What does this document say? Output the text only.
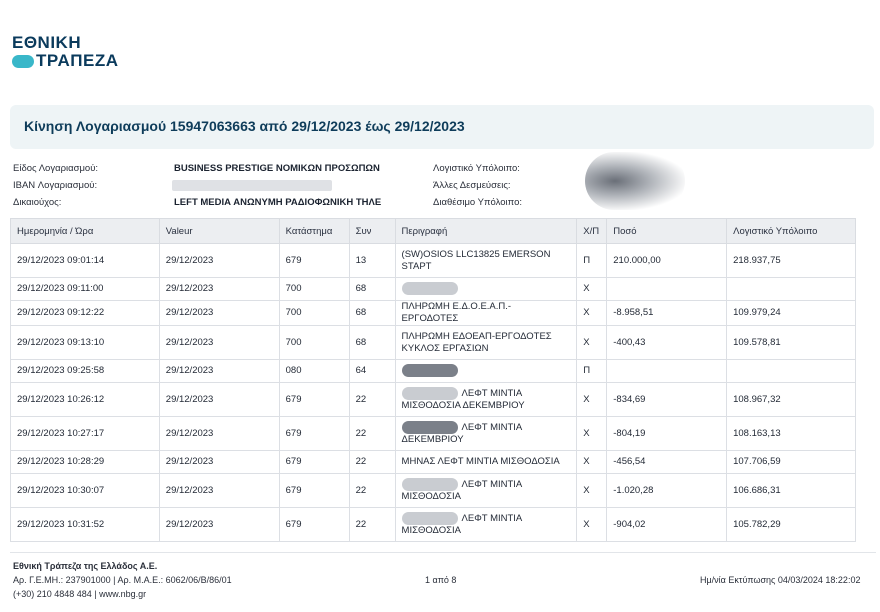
ΕΘΝΙΚΗ
ΤΡΑΠΕΖΑ
Κίνηση Λογαριασμού 15947063663 από 29/12/2023 έως 29/12/2023
Είδος Λογαριασμού:	BUSINESS PRESTIGE ΝΟΜΙΚΩΝ ΠΡΟΣΩΠΩΝ
IBAN Λογαριασμού:
Δικαιούχος:	LEFT MEDIA ΑΝΩΝΥΜΗ ΡΑΔΙΟΦΩΝΙΚΗ ΤΗΛΕ
Λογιστικό Υπόλοιπο:
Άλλες Δεσμεύσεις:
Διαθέσιμο Υπόλοιπο:
Ημερομηνία / Ώρα	Valeur	Κατάστημα	Συν	Περιγραφή	Χ/Π	Ποσό	Λογιστικό Υπόλοιπο
29/12/2023 09:01:14	29/12/2023	679	13	(SW)OSIOS LLC13825 EMERSON
STAPT	Π	210.000,00	218.937,75
29/12/2023 09:11:00	29/12/2023	700	68		Χ		
29/12/2023 09:12:22	29/12/2023	700	68	ΠΛΗΡΩΜΗ Ε.Δ.Ο.Ε.Α.Π.- ΕΡΓΟΔΟΤΕΣ	Χ	-8.958,51	109.979,24
29/12/2023 09:13:10	29/12/2023	700	68	ΠΛΗΡΩΜΗ ΕΔΟΕΑΠ-ΕΡΓΟΔΟΤΕΣ
ΚΥΚΛΟΣ ΕΡΓΑΣΙΩΝ	Χ	-400,43	109.578,81
29/12/2023 09:25:58	29/12/2023	080	64		Π		
29/12/2023 10:26:12	29/12/2023	679	22	ΛΕΦΤ ΜΙΝΤΙΑ
ΜΙΣΘΟΔΟΣΙΑ ΔΕΚΕΜΒΡΙΟΥ	Χ	-834,69	108.967,32
29/12/2023 10:27:17	29/12/2023	679	22	ΛΕΦΤ ΜΙΝΤΙΑ
ΔΕΚΕΜΒΡΙΟΥ	Χ	-804,19	108.163,13
29/12/2023 10:28:29	29/12/2023	679	22	ΜΗΝΑΣ ΛΕΦΤ ΜΙΝΤΙΑ ΜΙΣΘΟΔΟΣΙΑ	Χ	-456,54	107.706,59
29/12/2023 10:30:07	29/12/2023	679	22	ΛΕΦΤ ΜΙΝΤΙΑ
ΜΙΣΘΟΔΟΣΙΑ	Χ	-1.020,28	106.686,31
29/12/2023 10:31:52	29/12/2023	679	22	ΛΕΦΤ ΜΙΝΤΙΑ
ΜΙΣΘΟΔΟΣΙΑ	Χ	-904,02	105.782,29
Εθνική Τράπεζα της Ελλάδος Α.Ε.
Αρ. Γ.Ε.ΜΗ.: 237901000 | Αρ. Μ.Α.Ε.: 6062/06/Β/86/01
(+30) 210 4848 484 | www.nbg.gr
1 από 8	Ημ/νία Εκτύπωσης 04/03/2024 18:22:02
